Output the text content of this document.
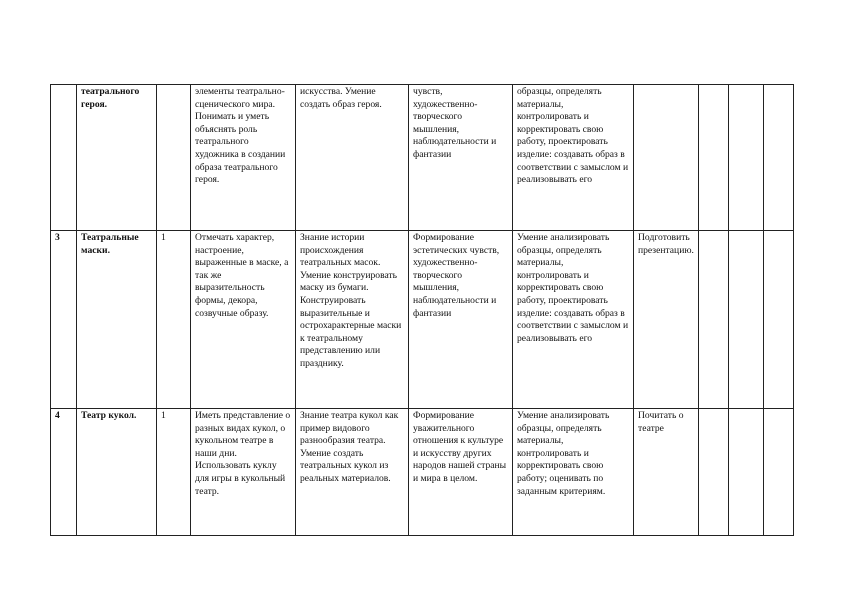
	театрального героя.		элементы театрально-сценического мира. Понимать и уметь объяснять роль театрального художника в создании образа театрального героя.	искусства. Умение создать образ героя.	чувств, художественно-творческого мышления, наблюдательности и фантазии	образцы, определять материалы, контролировать и корректировать свою работу, проектировать изделие: создавать образ в соответствии с замыслом и реализовывать его				
3	Театральные маски.	1	Отмечать характер, настроение, выраженные в маске, а так же выразительность формы, декора, созвучные образу.	Знание истории происхождения театральных масок. Умение конструировать маску из бумаги. Конструировать выразительные и острохарактерные маски к театральному представлению или празднику.	Формирование эстетических чувств, художественно-творческого мышления, наблюдательности и фантазии	Умение анализировать образцы, определять материалы, контролировать и корректировать свою работу, проектировать изделие: создавать образ в соответствии с замыслом и реализовывать его	Подготовить презентацию.			
4	Театр кукол.	1	Иметь представление о разных видах кукол, о кукольном театре в наши дни. Использовать куклу для игры в кукольный театр.	Знание театра кукол как пример видового разнообразия театра. Умение создать театральных кукол из реальных материалов.	Формирование уважительного отношения к культуре и искусству других народов нашей страны и мира в целом.	Умение анализировать образцы, определять материалы, контролировать и корректировать свою работу; оценивать по заданным критериям.	Почитать о театре			
